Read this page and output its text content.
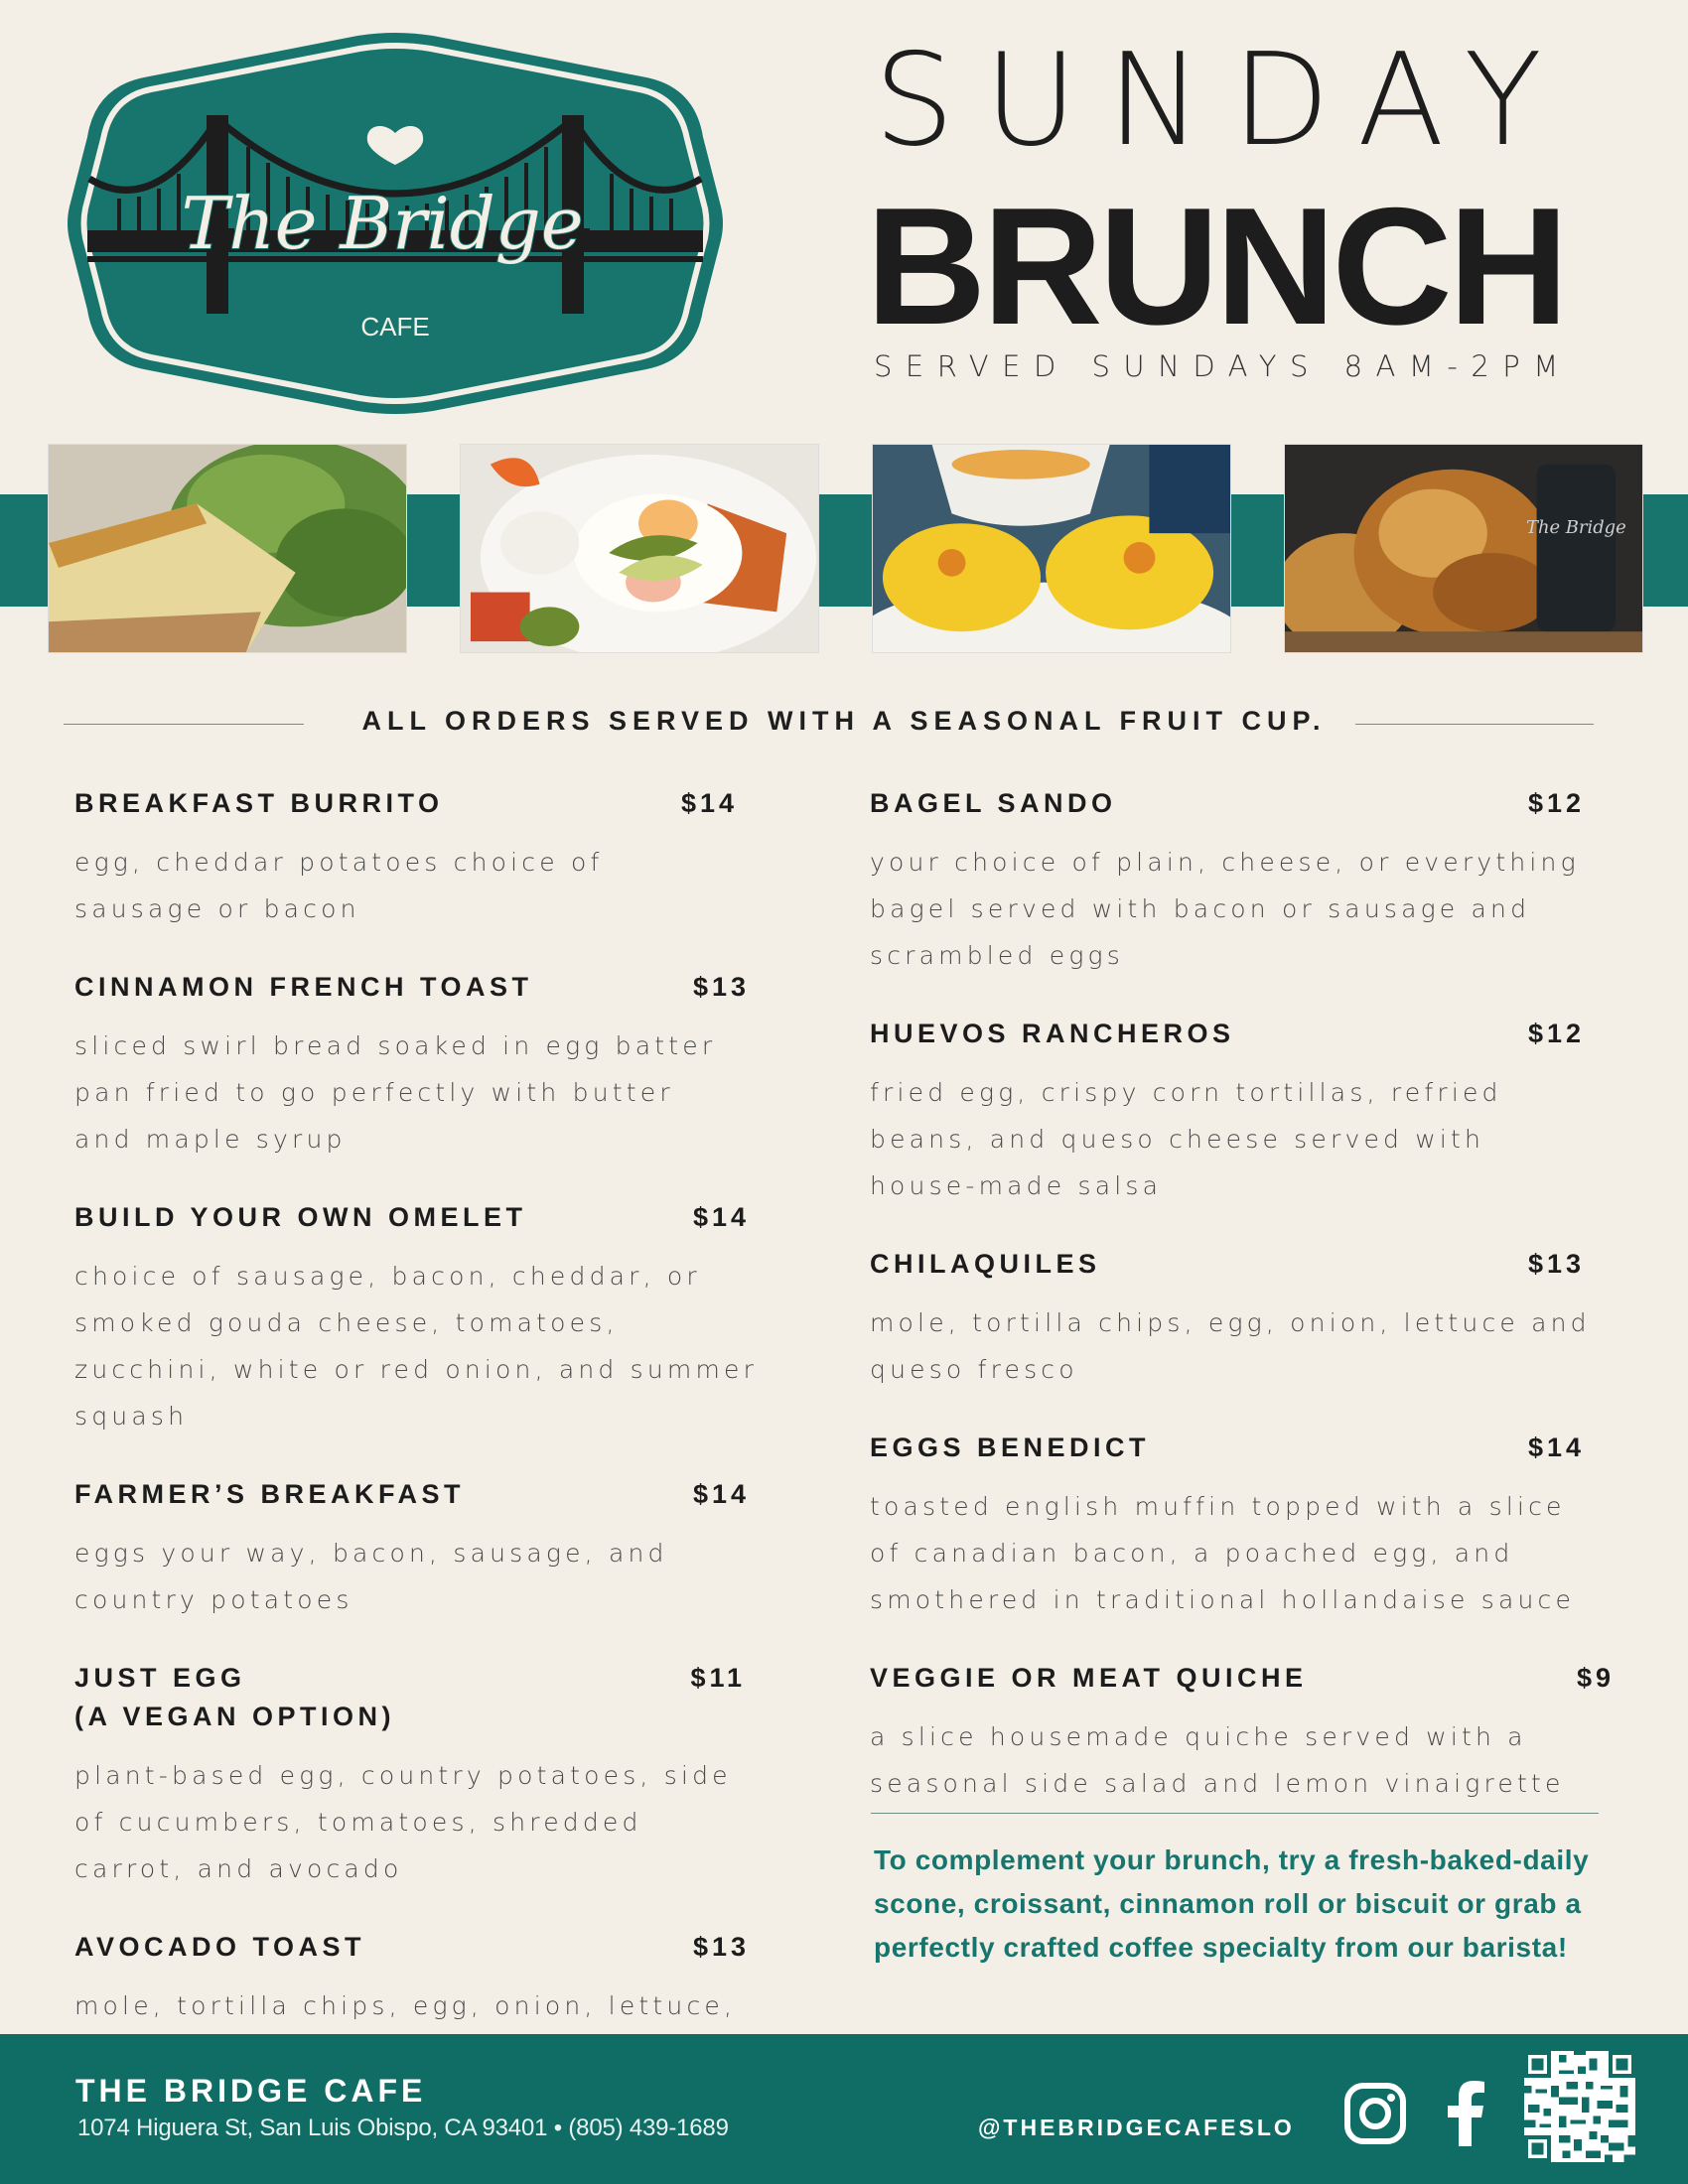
The Bridge
CAFE
SUNDAY
BRUNCH
SERVED SUNDAYS 8AM-2PM
The Bridge
ALL ORDERS SERVED WITH A SEASONAL FRUIT CUP.
BREAKFAST BURRITO	$14
egg, cheddar potatoes choice of sausage or bacon
CINNAMON FRENCH TOAST	$13
sliced swirl bread soaked in egg batter pan fried to go perfectly with butter and maple syrup
BUILD YOUR OWN OMELET	$14
choice of sausage, bacon, cheddar, or smoked gouda cheese, tomatoes, zucchini, white or red onion, and summer squash
FARMER’S BREAKFAST	$14
eggs your way, bacon, sausage, and country potatoes
JUST EGG
(A VEGAN OPTION)
$11
plant-based egg, country potatoes, side of cucumbers, tomatoes, shredded carrot, and avocado
AVOCADO TOAST	$13
mole, tortilla chips, egg, onion, lettuce,
BAGEL SANDO	$12
your choice of plain, cheese, or everything bagel served with bacon or sausage and scrambled eggs
HUEVOS RANCHEROS	$12
fried egg, crispy corn tortillas, refried beans, and queso cheese served with house-made salsa
CHILAQUILES	$13
mole, tortilla chips, egg, onion, lettuce and queso fresco
EGGS BENEDICT	$14
toasted english muffin topped with a slice of canadian bacon, a poached egg, and smothered in traditional hollandaise sauce
VEGGIE OR MEAT QUICHE	$9
a slice housemade quiche served with a seasonal side salad and lemon vinaigrette
To complement your brunch, try a fresh-baked-daily scone, croissant, cinnamon roll or biscuit or grab a perfectly crafted coffee specialty from our barista!
THE BRIDGE CAFE
1074 Higuera St, San Luis Obispo, CA 93401 • (805) 439-1689	@THEBRIDGECAFESLO
